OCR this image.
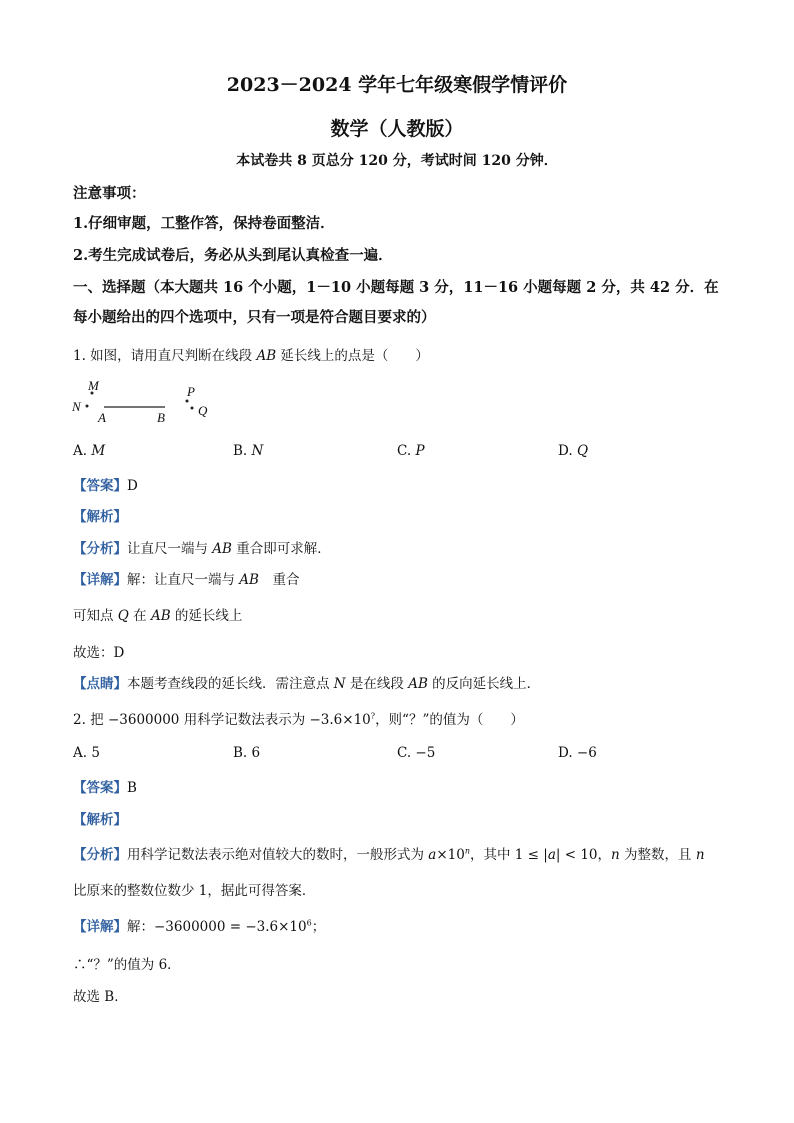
2023－2024 学年七年级寒假学情评价
数学（人教版）
本试卷共 8 页总分 120 分，考试时间 120 分钟．
注意事项：
1.仔细审题，工整作答，保持卷面整洁．
2.考生完成试卷后，务必从头到尾认真检查一遍．
一、选择题（本大题共 16 个小题，1－10 小题每题 3 分，11－16 小题每题 2 分，共 42 分．在
每小题给出的四个选项中，只有一项是符合题目要求的）
1. 如图，请用直尺判断在线段 AB 延长线上的点是（　　）
M
N
A	B
P
Q
A. M	B. N	C. P	D. Q
【答案】D
【解析】
【分析】让直尺一端与 AB 重合即可求解．
【详解】解：让直尺一端与 AB　重合
可知点 Q 在 AB 的延长线上
故选：D
【点睛】本题考查线段的延长线．需注意点 N 是在线段 AB 的反向延长线上．
2. 把 −3600000 用科学记数法表示为 −3.6×10?，则“？”的值为（　　）
A. 5	B. 6	C. −5	D. −6
【答案】B
【解析】
【分析】用科学记数法表示绝对值较大的数时，一般形式为 $a\times 10^n$，其中 1 ≤ |a| < 10，n 为整数，且 n
比原来的整数位数少 1，据此可得答案．
【详解】解：$-3600000 = -3.6\times 10^6$；
∴“？”的值为 6．
故选 B．
